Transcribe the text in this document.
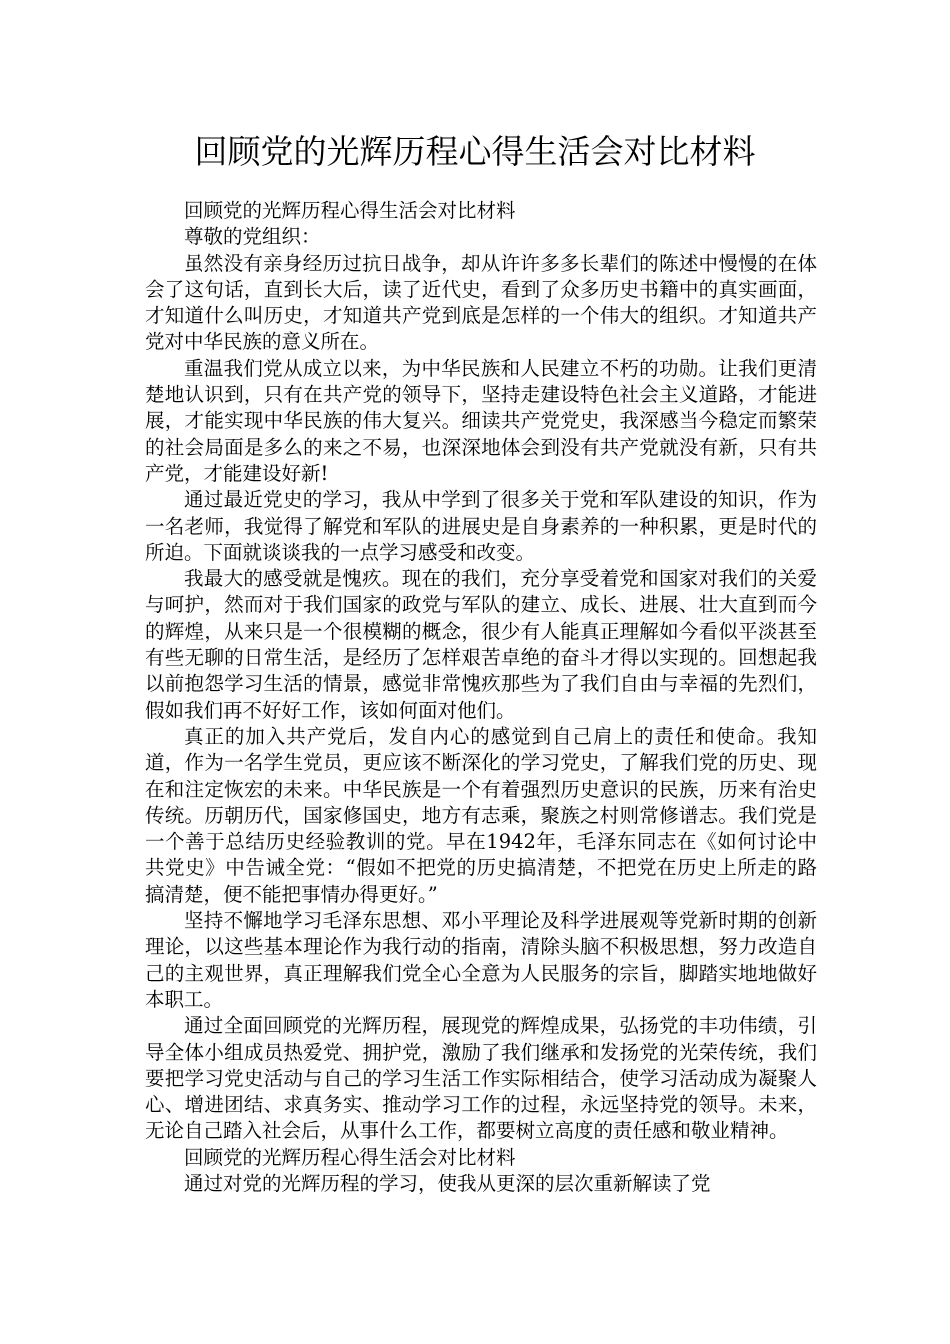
回顾党的光辉历程心得生活会对比材料

回顾党的光辉历程心得生活会对比材料

尊敬的党组织：

虽然没有亲身经历过抗日战争，却从许许多多长辈们的陈述中慢慢的在体会了这句话，直到长大后，读了近代史，看到了众多历史书籍中的真实画面，才知道什么叫历史，才知道共产党到底是怎样的一个伟大的组织。才知道共产党对中华民族的意义所在。

重温我们党从成立以来，为中华民族和人民建立不朽的功勋。让我们更清楚地认识到，只有在共产党的领导下，坚持走建设特色社会主义道路，才能进展，才能实现中华民族的伟大复兴。细读共产党党史，我深感当今稳定而繁荣的社会局面是多么的来之不易，也深深地体会到没有共产党就没有新，只有共产党，才能建设好新!

通过最近党史的学习，我从中学到了很多关于党和军队建设的知识，作为一名老师，我觉得了解党和军队的进展史是自身素养的一种积累，更是时代的所迫。下面就谈谈我的一点学习感受和改变。

我最大的感受就是愧疚。现在的我们，充分享受着党和国家对我们的关爱与呵护，然而对于我们国家的政党与军队的建立、成长、进展、壮大直到而今的辉煌，从来只是一个很模糊的概念，很少有人能真正理解如今看似平淡甚至有些无聊的日常生活，是经历了怎样艰苦卓绝的奋斗才得以实现的。回想起我以前抱怨学习生活的情景，感觉非常愧疚那些为了我们自由与幸福的先烈们，假如我们再不好好工作，该如何面对他们。

真正的加入共产党后，发自内心的感觉到自己肩上的责任和使命。我知道，作为一名学生党员，更应该不断深化的学习党史，了解我们党的历史、现在和注定恢宏的未来。中华民族是一个有着强烈历史意识的民族，历来有治史传统。历朝历代，国家修国史，地方有志乘，聚族之村则常修谱志。我们党是一个善于总结历史经验教训的党。早在1942年，毛泽东同志在《如何讨论中共党史》中告诫全党：“假如不把党的历史搞清楚，不把党在历史上所走的路搞清楚，便不能把事情办得更好。”

坚持不懈地学习毛泽东思想、邓小平理论及科学进展观等党新时期的创新理论，以这些基本理论作为我行动的指南，清除头脑不积极思想，努力改造自己的主观世界，真正理解我们党全心全意为人民服务的宗旨，脚踏实地地做好本职工。

通过全面回顾党的光辉历程，展现党的辉煌成果，弘扬党的丰功伟绩，引导全体小组成员热爱党、拥护党，激励了我们继承和发扬党的光荣传统，我们要把学习党史活动与自己的学习生活工作实际相结合，使学习活动成为凝聚人心、增进团结、求真务实、推动学习工作的过程，永远坚持党的领导。未来，无论自己踏入社会后，从事什么工作，都要树立高度的责任感和敬业精神。

回顾党的光辉历程心得生活会对比材料

通过对党的光辉历程的学习，使我从更深的层次重新解读了党
